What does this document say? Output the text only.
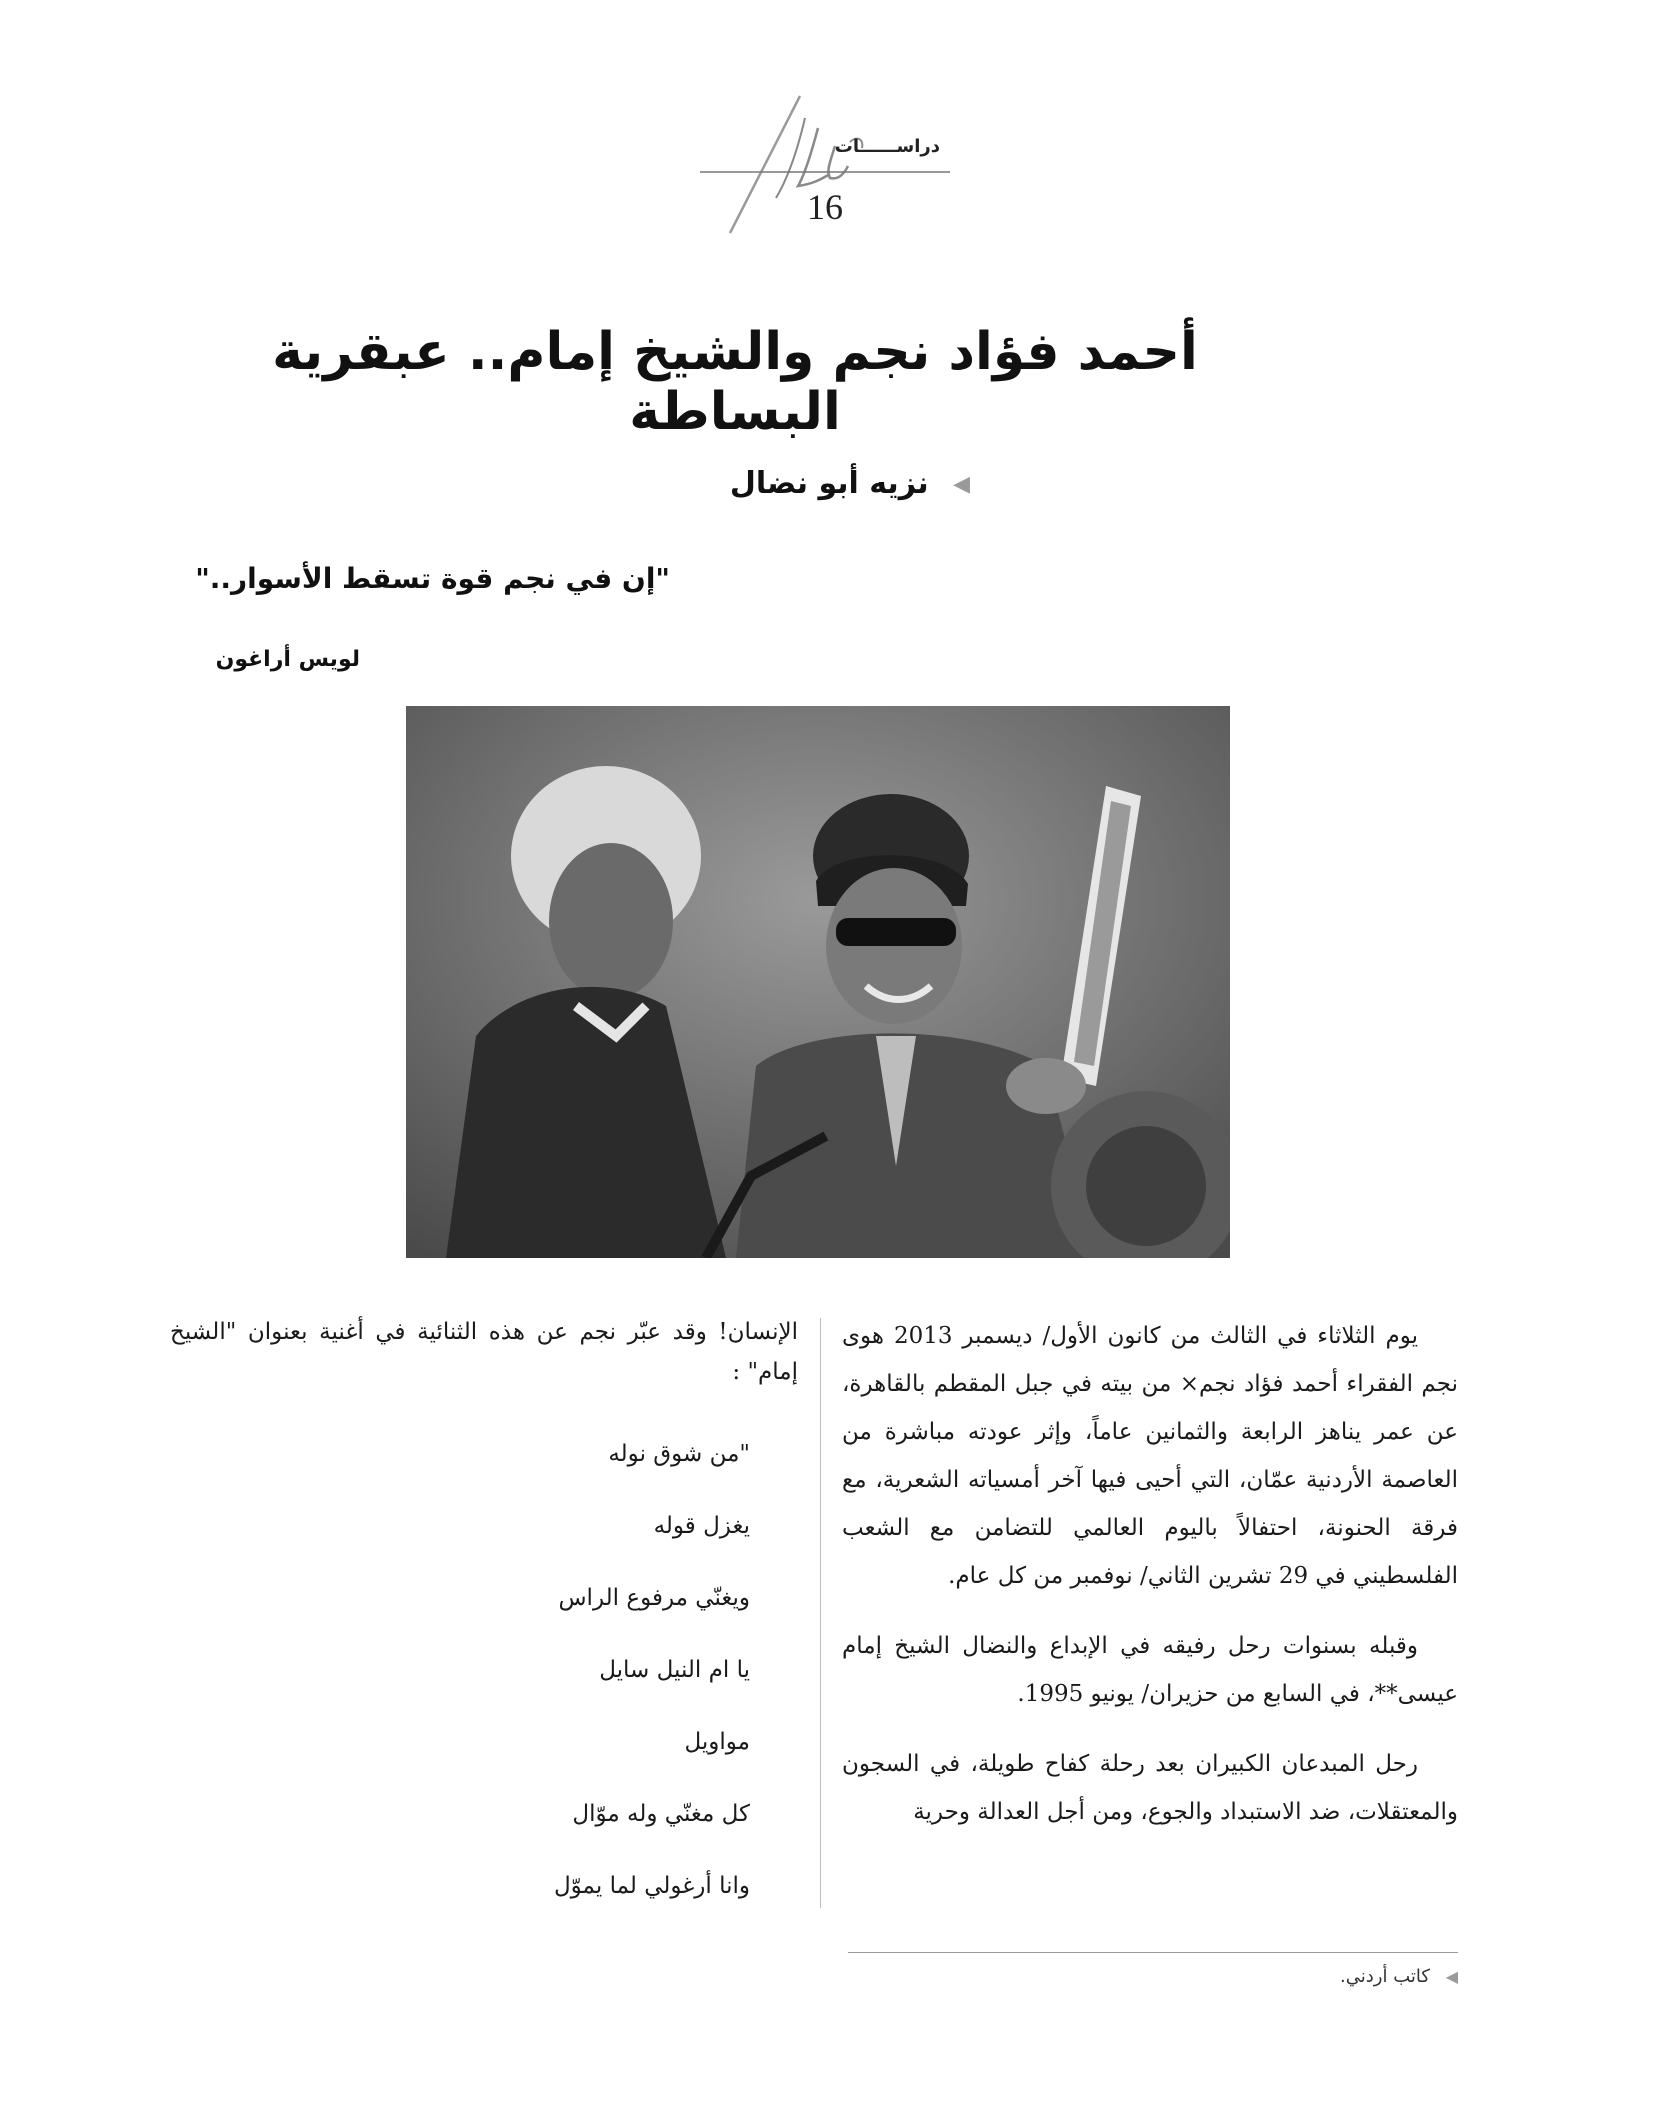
دراســــــات
16
أحمد فؤاد نجم والشيخ إمام.. عبقرية البساطة
◀ نزيه أبو نضال
"إن في نجم قوة تسقط الأسوار.."
لويس أراغون

يوم الثلاثاء في الثالث من كانون الأول/ ديسمبر 2013 هوى نجم الفقراء أحمد فؤاد نجم× من بيته في جبل المقطم بالقاهرة، عن عمر يناهز الرابعة والثمانين عاماً، وإثر عودته مباشرة من العاصمة الأردنية عمّان، التي أحيى فيها آخر أمسياته الشعرية، مع فرقة الحنونة، احتفالاً باليوم العالمي للتضامن مع الشعب الفلسطيني في 29 تشرين الثاني/ نوفمبر من كل عام.

وقبله بسنوات رحل رفيقه في الإبداع والنضال الشيخ إمام عيسى**، في السابع من حزيران/ يونيو 1995.

رحل المبدعان الكبيران بعد رحلة كفاح طويلة، في السجون والمعتقلات، ضد الاستبداد والجوع، ومن أجل العدالة وحرية

الإنسان! وقد عبّر نجم عن هذه الثنائية في أغنية بعنوان "الشيخ إمام" :

"من شوق نوله
يغزل قوله
ويغنّي مرفوع الراس
يا ام النيل سايل
مواويل
كل مغنّي وله موّال
وانا أرغولي لما يموّل
◀ كاتب أردني.
